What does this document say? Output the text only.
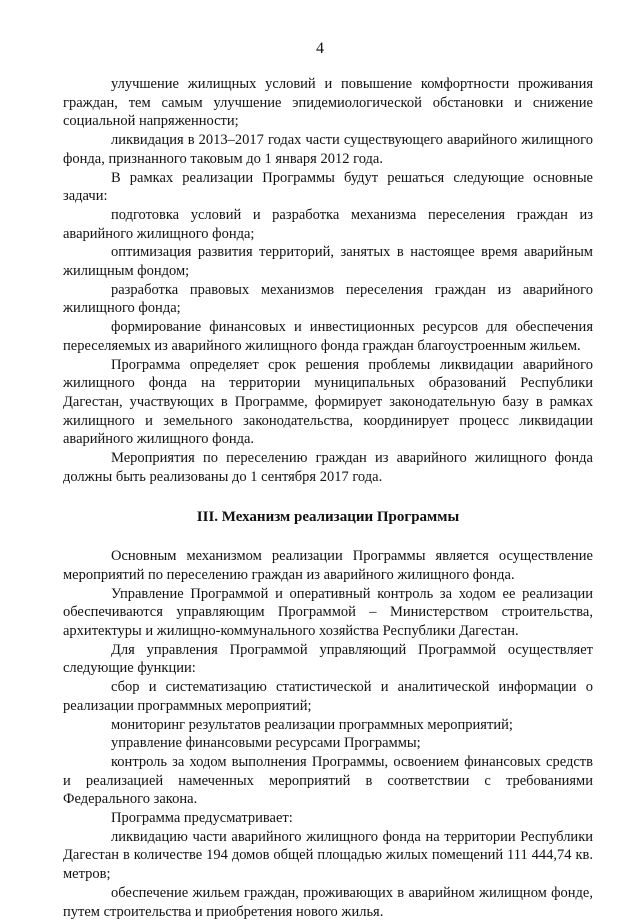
4

улучшение жилищных условий и повышение комфортности проживания граждан, тем самым улучшение эпидемиологической обстановки и снижение социальной напряженности;

ликвидация в 2013–2017 годах части существующего аварийного жилищного фонда, признанного таковым до 1 января 2012 года.

В рамках реализации Программы будут решаться следующие основные задачи:

подготовка условий и разработка механизма переселения граждан из аварийного жилищного фонда;

оптимизация развития территорий, занятых в настоящее время аварийным жилищным фондом;

разработка правовых механизмов переселения граждан из аварийного жилищного фонда;

формирование финансовых и инвестиционных ресурсов для обеспечения переселяемых из аварийного жилищного фонда граждан благоустроенным жильем.

Программа определяет срок решения проблемы ликвидации аварийного жилищного фонда на территории муниципальных образований Республики Дагестан, участвующих в Программе, формирует законодательную базу в рамках жилищного и земельного законодательства, координирует процесс ликвидации аварийного жилищного фонда.

Мероприятия по переселению граждан из аварийного жилищного фонда должны быть реализованы до 1 сентября 2017 года.

III. Механизм реализации Программы

Основным механизмом реализации Программы является осуществление мероприятий по переселению граждан из аварийного жилищного фонда.

Управление Программой и оперативный контроль за ходом ее реализации обеспечиваются управляющим Программой – Министерством строительства, архитектуры и жилищно-коммунального хозяйства Республики Дагестан.

Для управления Программой управляющий Программой осуществляет следующие функции:

сбор и систематизацию статистической и аналитической информации о реализации программных мероприятий;

мониторинг результатов реализации программных мероприятий;

управление финансовыми ресурсами Программы;

контроль за ходом выполнения Программы, освоением финансовых средств и реализацией намеченных мероприятий в соответствии с требованиями Федерального закона.

Программа предусматривает:

ликвидацию части аварийного жилищного фонда на территории Республики Дагестан в количестве 194 домов общей площадью жилых помещений 111 444,74 кв. метров;

обеспечение жильем граждан, проживающих в аварийном жилищном фонде, путем строительства и приобретения нового жилья.
